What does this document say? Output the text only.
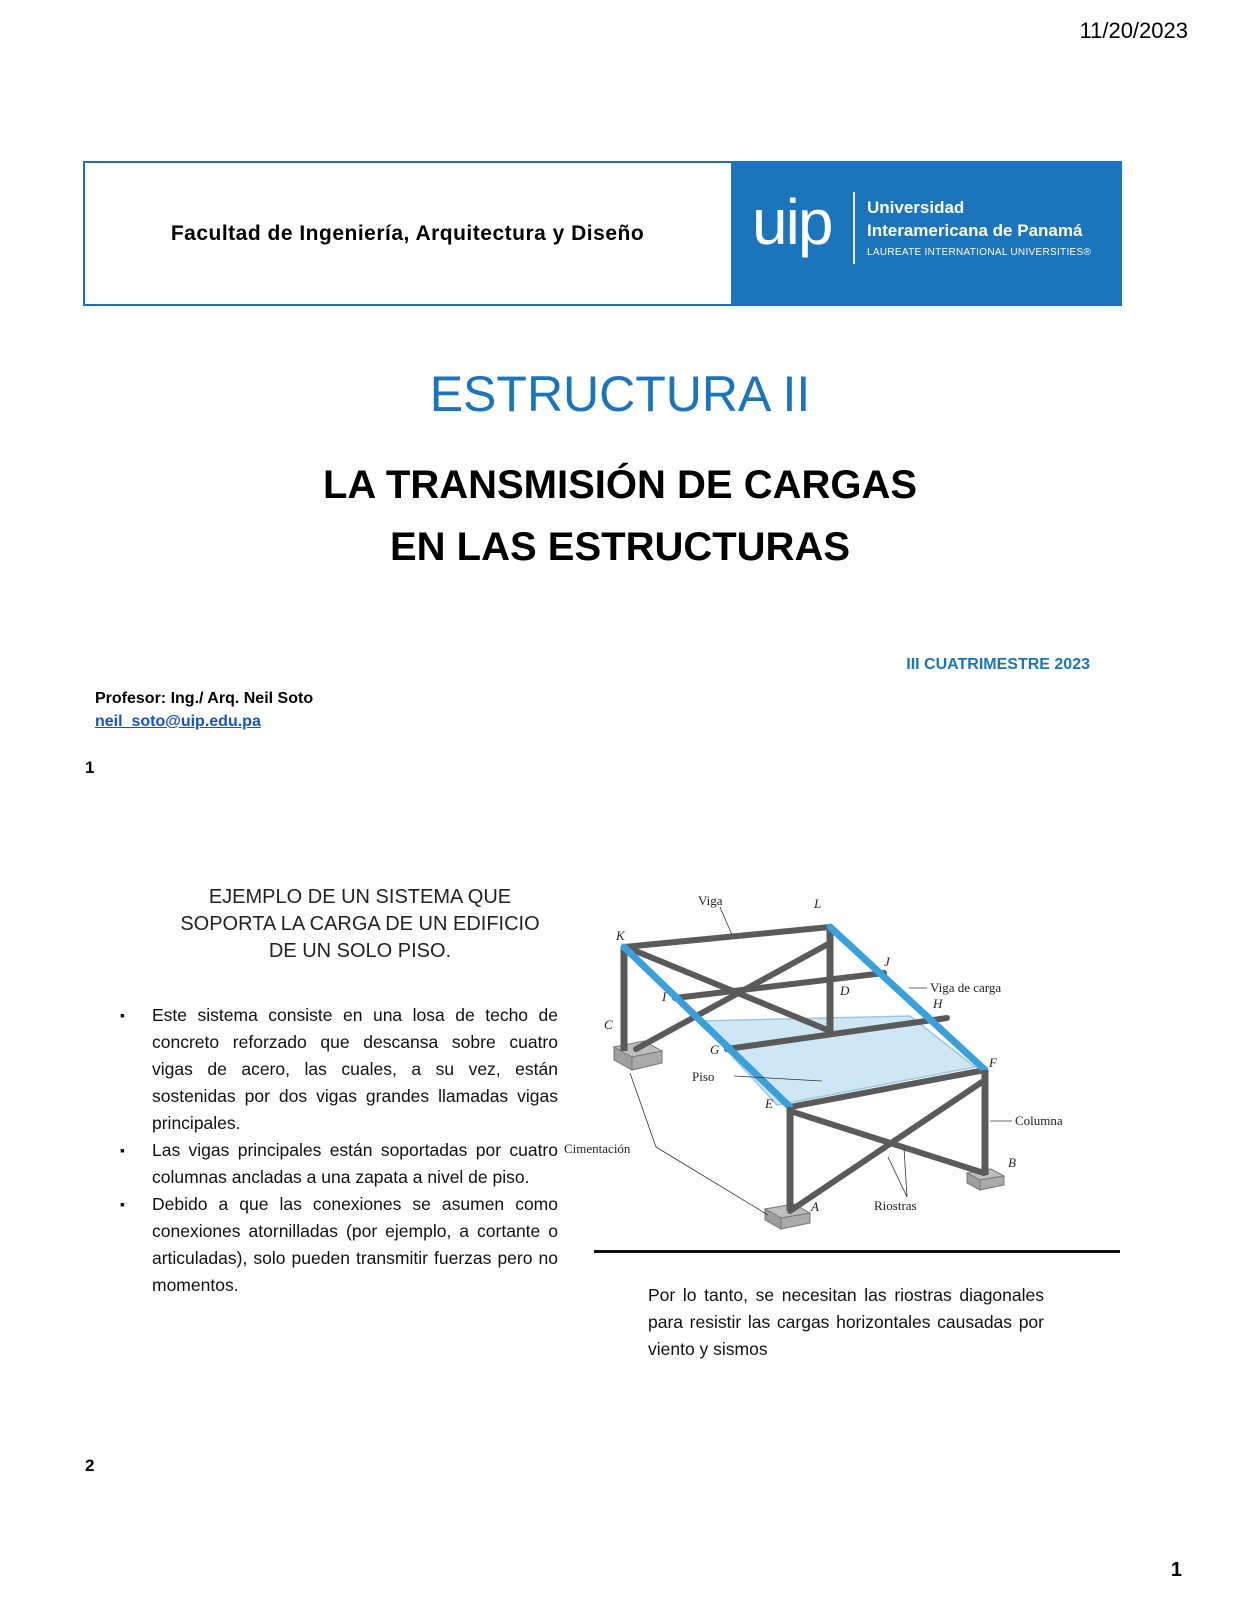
11/20/2023
Facultad de Ingeniería, Arquitectura y Diseño uip Universidad
Interamericana de Panamá
LAUREATE INTERNATIONAL UNIVERSITIES®
ESTRUCTURA II
LA TRANSMISIÓN DE CARGAS
EN LAS ESTRUCTURAS
III CUATRIMESTRE 2023
Profesor: Ing./ Arq. Neil Soto
neil_soto@uip.edu.pa
1
EJEMPLO DE UN SISTEMA QUE
SOPORTA LA CARGA DE UN EDIFICIO
DE UN SOLO PISO.
▪ Este sistema consiste en una losa de techo de concreto reforzado que descansa sobre cuatro vigas de acero, las cuales, a su vez, están sostenidas por dos vigas grandes llamadas vigas principales.
▪ Las vigas principales están soportadas por cuatro columnas ancladas a una zapata a nivel de piso.
▪ Debido a que las conexiones se asumen como conexiones atornilladas (por ejemplo, a cortante o articuladas), solo pueden transmitir fuerzas pero no momentos.
K
L
J
I	D
H
C
G
F
E
B
A
Viga
Viga de carga
Piso
Columna
Cimentación
Riostras
Por lo tanto, se necesitan las riostras diagonales para resistir las cargas horizontales causadas por viento y sismos
2
1
